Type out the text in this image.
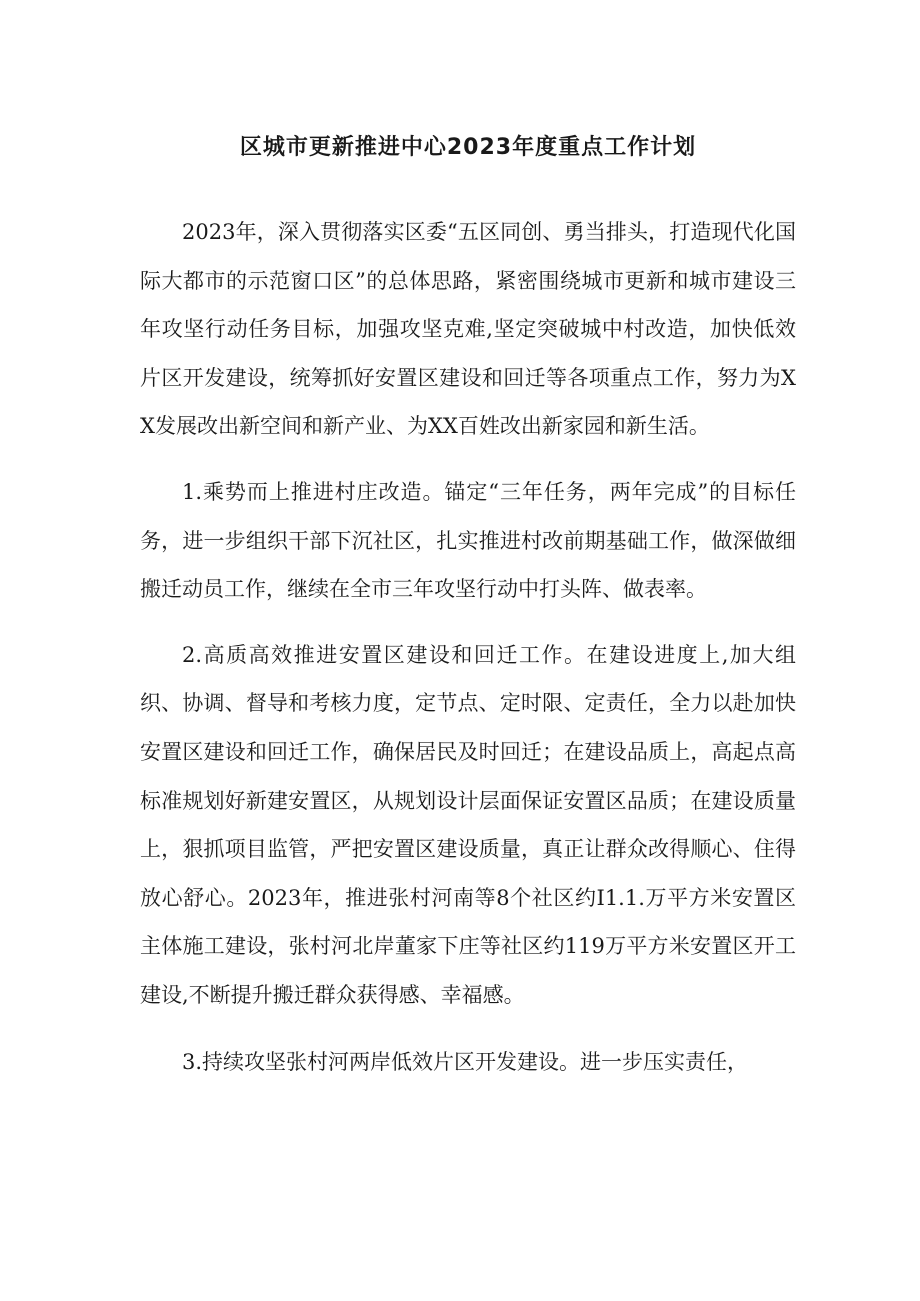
区城市更新推进中心2023年度重点工作计划

2023年，深入贯彻落实区委“五区同创、勇当排头，打造现代化国际大都市的示范窗口区”的总体思路，紧密围绕城市更新和城市建设三年攻坚行动任务目标，加强攻坚克难,坚定突破城中村改造，加快低效片区开发建设，统筹抓好安置区建设和回迁等各项重点工作，努力为XX发展改出新空间和新产业、为XX百姓改出新家园和新生活。

1.乘势而上推进村庄改造。锚定“三年任务，两年完成”的目标任务，进一步组织干部下沉社区，扎实推进村改前期基础工作，做深做细搬迁动员工作，继续在全市三年攻坚行动中打头阵、做表率。

2.高质高效推进安置区建设和回迁工作。在建设进度上,加大组织、协调、督导和考核力度，定节点、定时限、定责任，全力以赴加快安置区建设和回迁工作，确保居民及时回迁；在建设品质上，高起点高标准规划好新建安置区，从规划设计层面保证安置区品质；在建设质量上，狠抓项目监管，严把安置区建设质量，真正让群众改得顺心、住得放心舒心。2023年，推进张村河南等8个社区约I1.1.万平方米安置区主体施工建设，张村河北岸董家下庄等社区约119万平方米安置区开工建设,不断提升搬迁群众获得感、幸福感。

3.持续攻坚张村河两岸低效片区开发建设。进一步压实责任，
